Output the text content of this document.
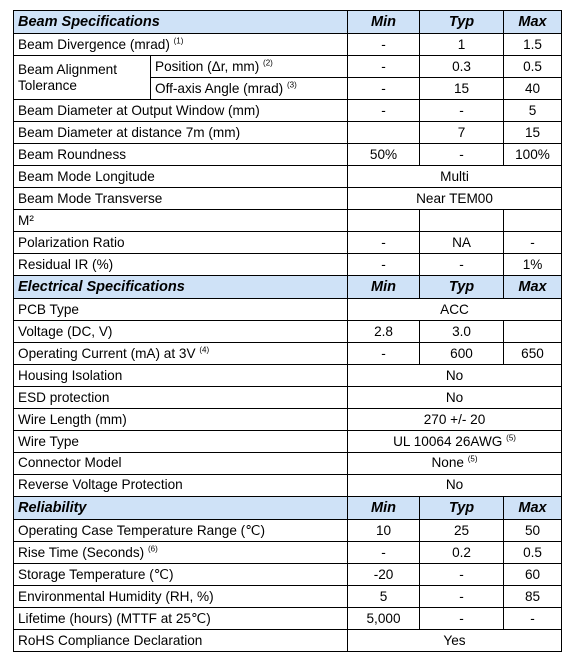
Beam Specifications		Min	Typ	Max
Beam Divergence (mrad) $^{(1)}$		-	1	1.5
Beam Alignment Tolerance	Position (Δr, mm) $^{(2)}$	-	0.3	0.5
	Off-axis Angle (mrad) $^{(3)}$	-	15	40
Beam Diameter at Output Window (mm)		-	-	5
Beam Diameter at distance 7m (mm)			7	15
Beam Roundness		50%	-	100%
Beam Mode Longitude		Multi		
Beam Mode Transverse		Near TEM00		
M²				
Polarization Ratio		-	NA	-
Residual IR (%)		-	-	1%
Electrical Specifications		Min	Typ	Max
PCB Type		ACC		
Voltage (DC, V)		2.8	3.0	
Operating Current (mA) at 3V $^{(4)}$		-	600	650
Housing Isolation		No		
ESD protection		No		
Wire Length (mm)		270 +/- 20		
Wire Type		UL 10064 26AWG $^{(5)}$
Connector Model		None $^{(5)}$
Reverse Voltage Protection		No		
Reliability		Min	Typ	Max
Operating Case Temperature Range (℃)		10	25	50
Rise Time (Seconds) $^{(6)}$		-	0.2	0.5
Storage Temperature (℃)		-20	-	60
Environmental Humidity (RH, %)		5	-	85
Lifetime (hours) (MTTF at 25℃)		5,000	-	-
RoHS Compliance Declaration		Yes		
